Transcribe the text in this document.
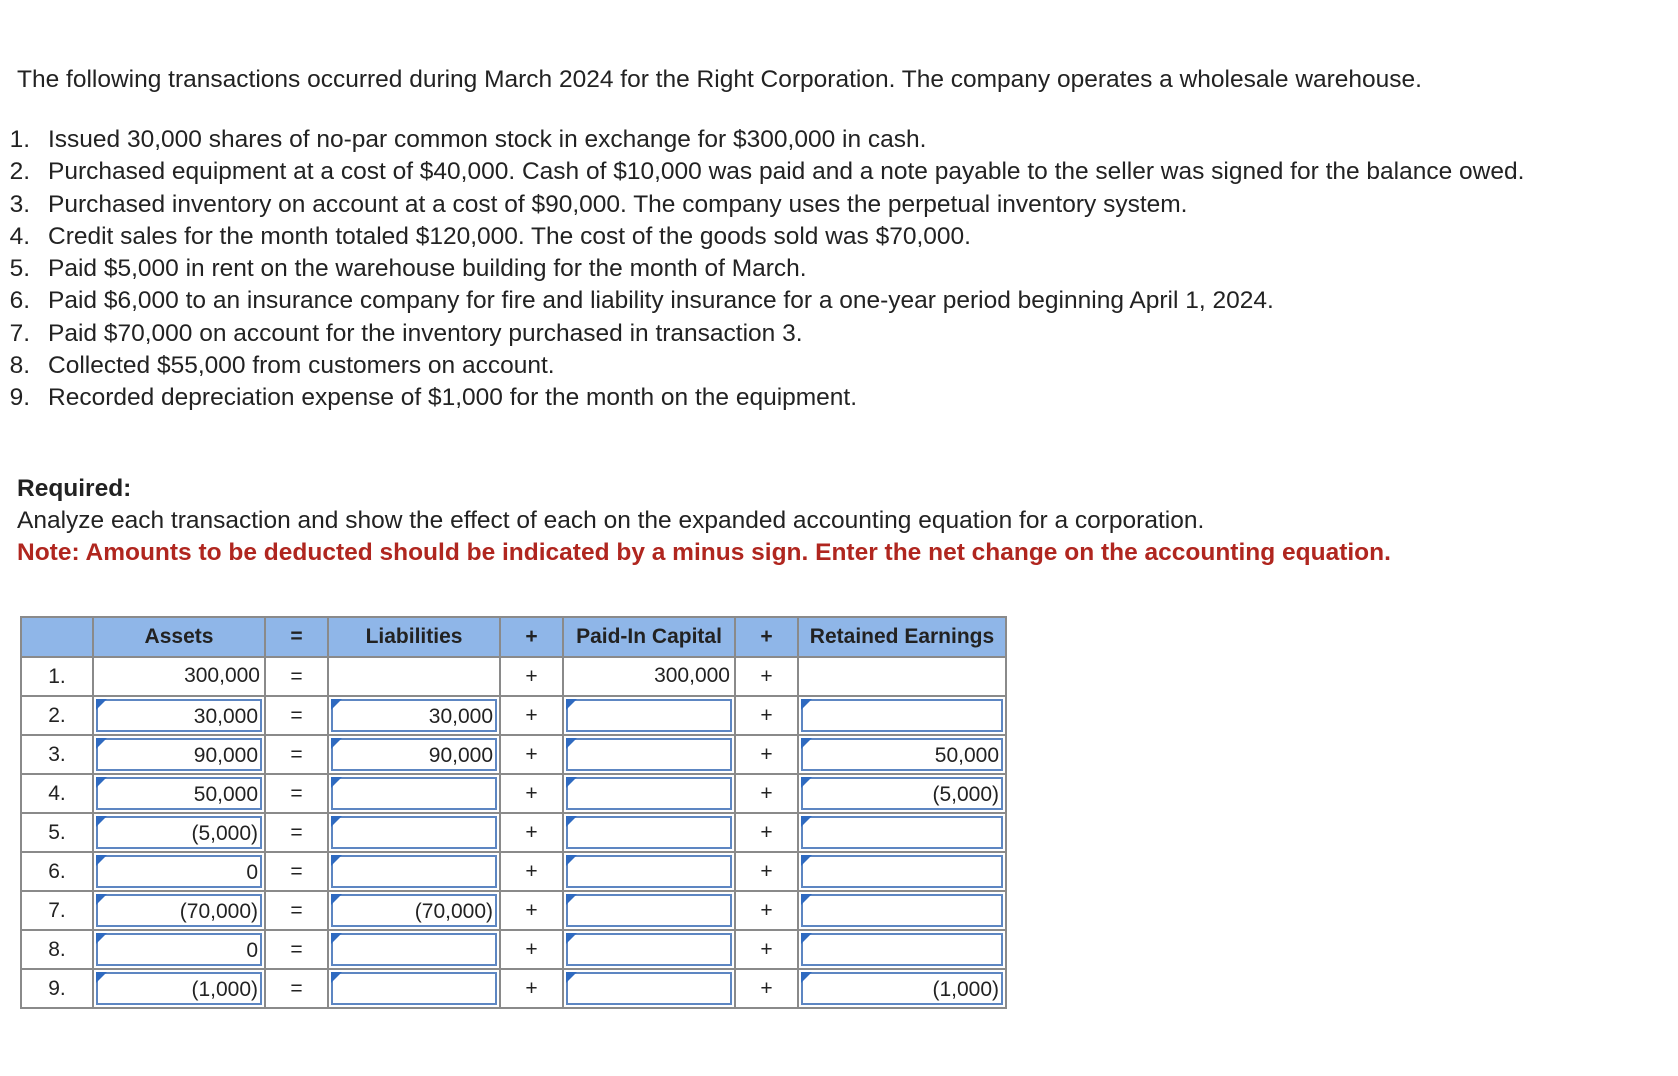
The following transactions occurred during March 2024 for the Right Corporation. The company operates a wholesale warehouse.
1. Issued 30,000 shares of no-par common stock in exchange for $300,000 in cash.
2. Purchased equipment at a cost of $40,000. Cash of $10,000 was paid and a note payable to the seller was signed for the balance owed.
3. Purchased inventory on account at a cost of $90,000. The company uses the perpetual inventory system.
4. Credit sales for the month totaled $120,000. The cost of the goods sold was $70,000.
5. Paid $5,000 in rent on the warehouse building for the month of March.
6. Paid $6,000 to an insurance company for fire and liability insurance for a one-year period beginning April 1, 2024.
7. Paid $70,000 on account for the inventory purchased in transaction 3.
8. Collected $55,000 from customers on account.
9. Recorded depreciation expense of $1,000 for the month on the equipment.
Required:
Analyze each transaction and show the effect of each on the expanded accounting equation for a corporation.
Note: Amounts to be deducted should be indicated by a minus sign. Enter the net change on the accounting equation.
	Assets	=	Liabilities	+	Paid-In Capital	+	Retained Earnings
1.	300,000	=		+	300,000	+	

2.	30,000	=	30,000	+		+	

3.	90,000	=	90,000	+		+	50,000

4.	50,000	=		+		+	(5,000)

5.	(5,000)	=		+		+	

6.	0	=		+		+	

7.	(70,000)	=	(70,000)	+		+	

8.	0	=		+		+	

9.	(1,000)	=		+		+	(1,000)
